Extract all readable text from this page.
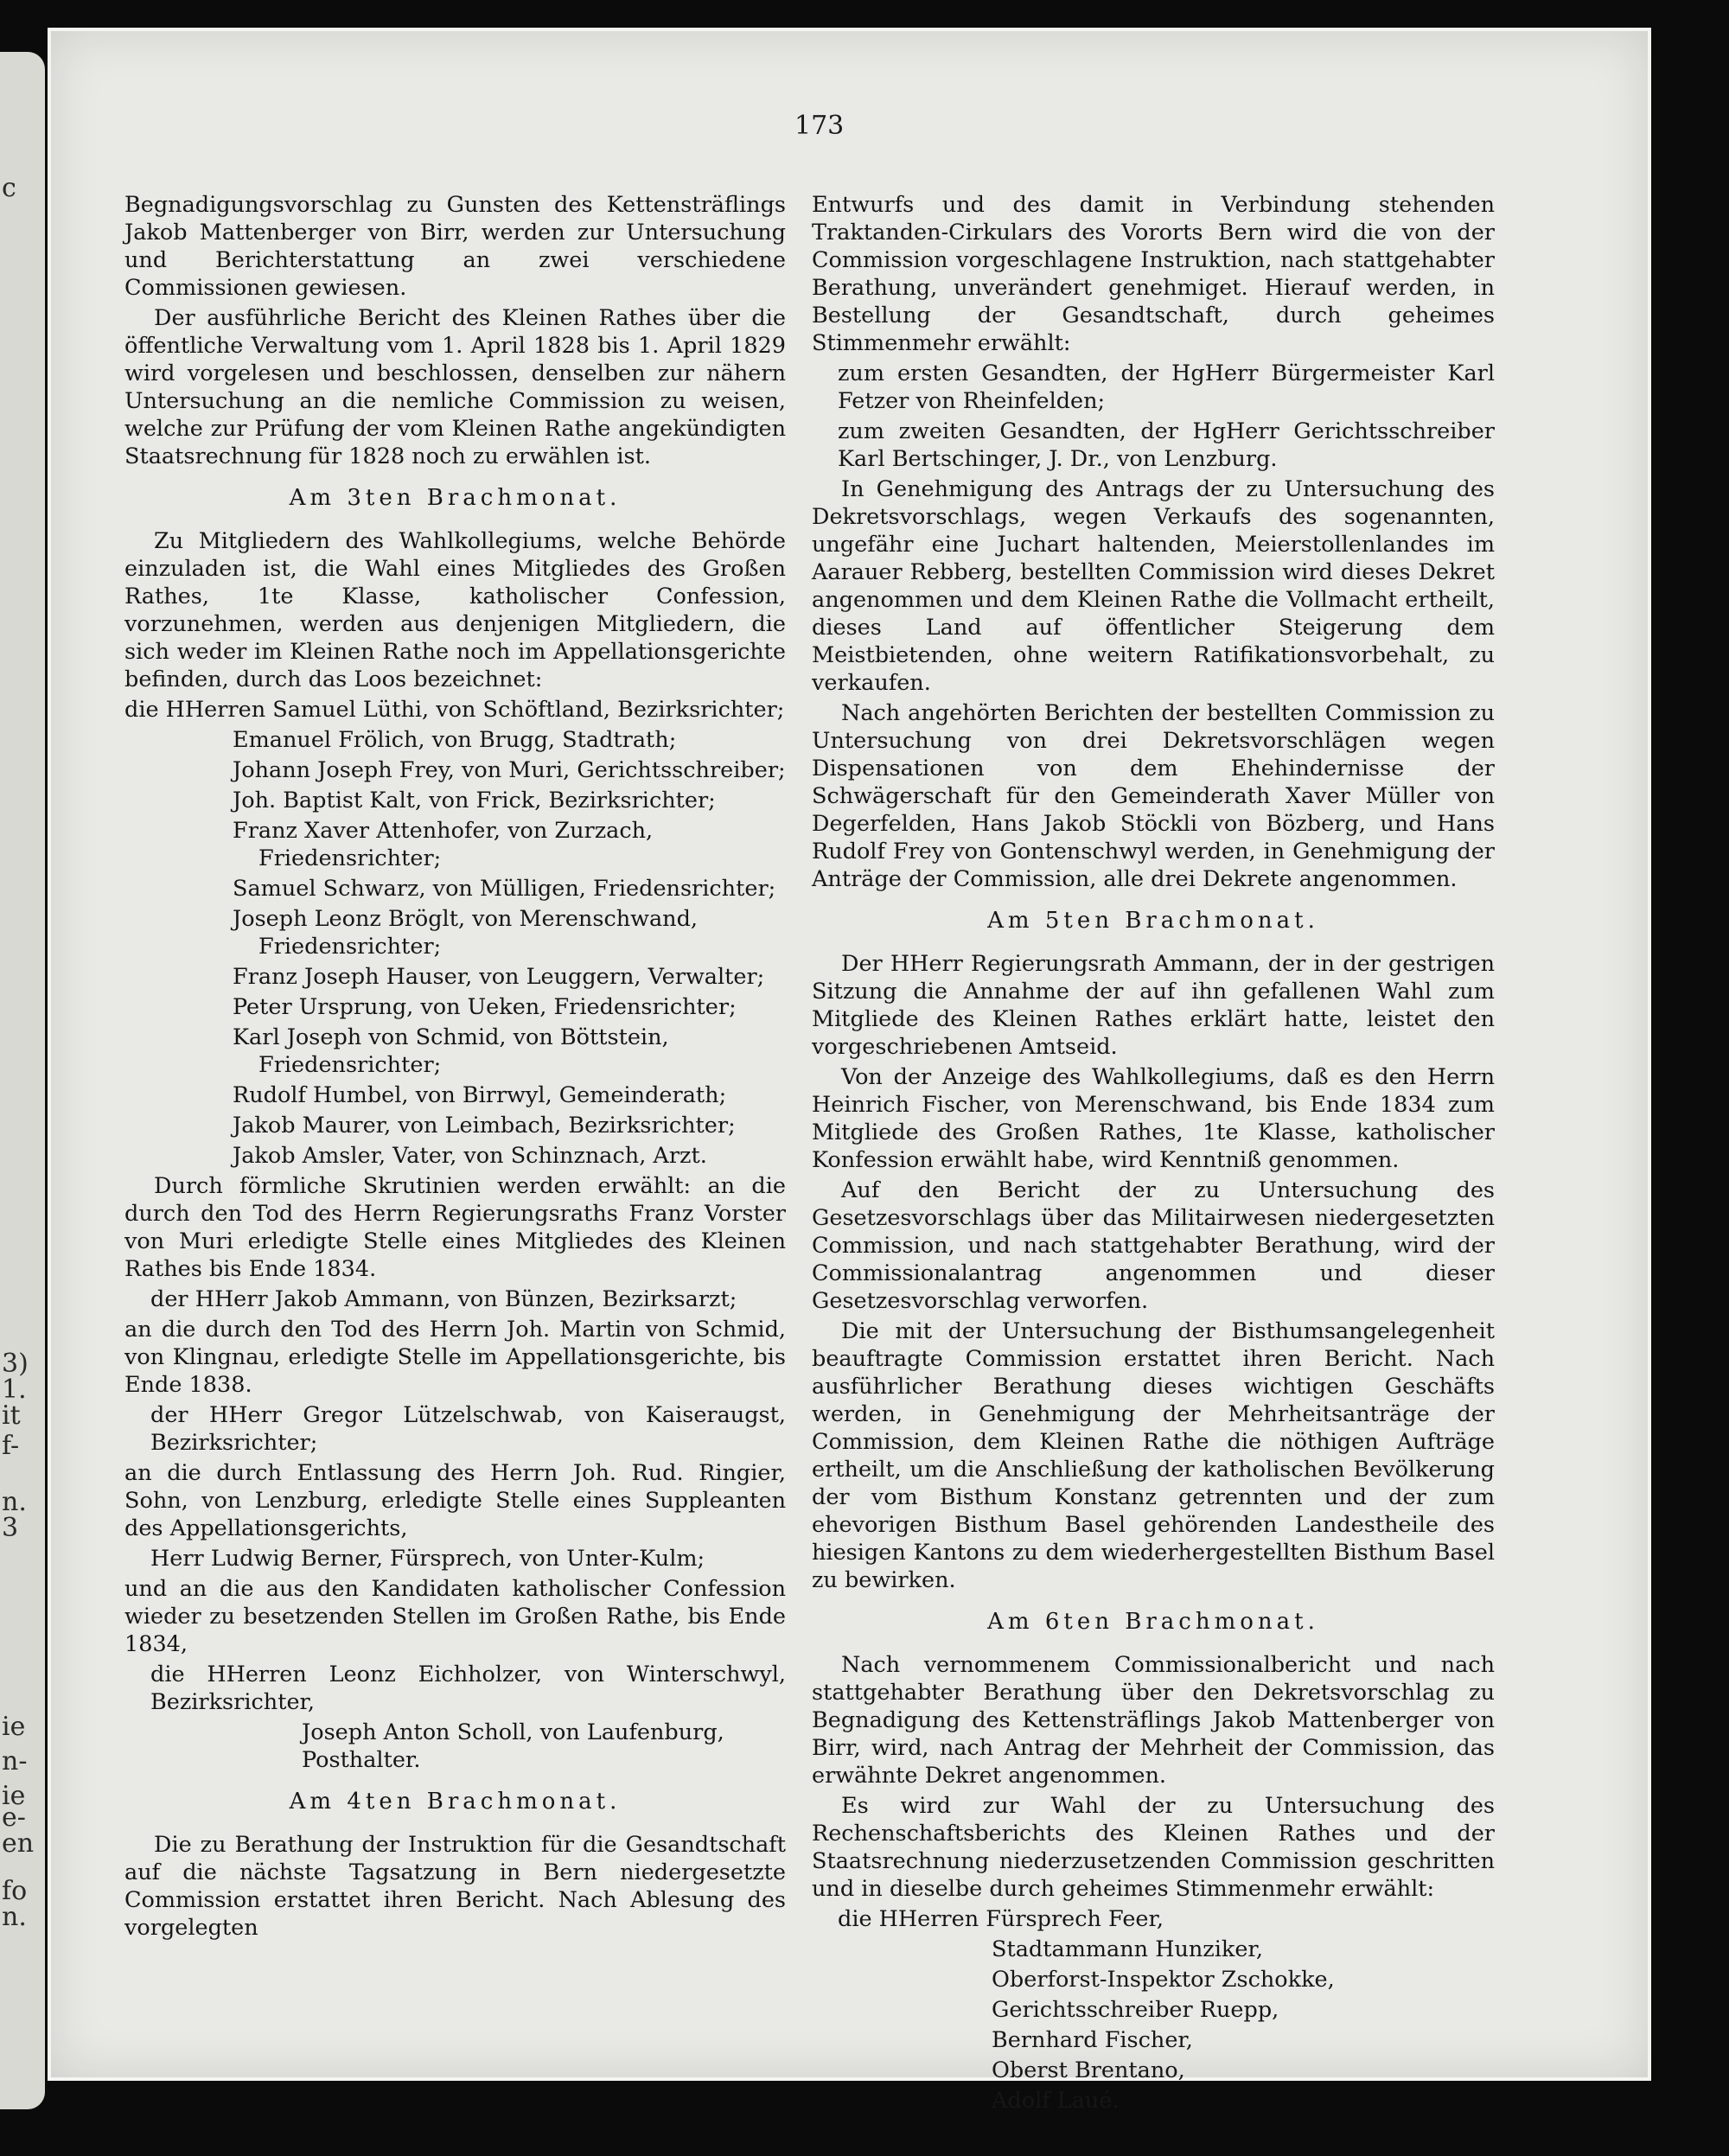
c
3)
1.
it
f-
n.
3
ie
n-
ie
e-
en
fo
n.
173

Begnadigungsvorschlag zu Gunsten des Kettensträflings Jakob Mattenberger von Birr, werden zur Untersuchung und Berichterstattung an zwei verschiedene Commissionen gewiesen.

Der ausführliche Bericht des Kleinen Rathes über die öffentliche Verwaltung vom 1. April 1828 bis 1. April 1829 wird vorgelesen und beschlossen, denselben zur nähern Untersuchung an die nemliche Commission zu weisen, welche zur Prüfung der vom Kleinen Rathe angekündigten Staatsrechnung für 1828 noch zu erwählen ist.

Am 3ten Brachmonat.

Zu Mitgliedern des Wahlkollegiums, welche Behörde einzuladen ist, die Wahl eines Mitgliedes des Großen Rathes, 1te Klasse, katholischer Confession, vorzunehmen, werden aus denjenigen Mitgliedern, die sich weder im Kleinen Rathe noch im Appellationsgerichte befinden, durch das Loos bezeichnet:

die HHerren Samuel Lüthi, von Schöftland, Bezirksrichter;

Emanuel Frölich, von Brugg, Stadtrath;

Johann Joseph Frey, von Muri, Gerichtsschreiber;

Joh. Baptist Kalt, von Frick, Bezirksrichter;

Franz Xaver Attenhofer, von Zurzach, Friedensrichter;

Samuel Schwarz, von Mülligen, Friedensrichter;

Joseph Leonz Bröglt, von Merenschwand, Friedensrichter;

Franz Joseph Hauser, von Leuggern, Verwalter;

Peter Ursprung, von Ueken, Friedensrichter;

Karl Joseph von Schmid, von Böttstein, Friedensrichter;

Rudolf Humbel, von Birrwyl, Gemeinderath;

Jakob Maurer, von Leimbach, Bezirksrichter;

Jakob Amsler, Vater, von Schinznach, Arzt.

Durch förmliche Skrutinien werden erwählt: an die durch den Tod des Herrn Regierungsraths Franz Vorster von Muri erledigte Stelle eines Mitgliedes des Kleinen Rathes bis Ende 1834.

der HHerr Jakob Ammann, von Bünzen, Bezirksarzt;

an die durch den Tod des Herrn Joh. Martin von Schmid, von Klingnau, erledigte Stelle im Appellationsgerichte, bis Ende 1838.

der HHerr Gregor Lützelschwab, von Kaiseraugst, Bezirksrichter;

an die durch Entlassung des Herrn Joh. Rud. Ringier, Sohn, von Lenzburg, erledigte Stelle eines Suppleanten des Appellationsgerichts,

Herr Ludwig Berner, Fürsprech, von Unter-Kulm;

und an die aus den Kandidaten katholischer Confession wieder zu besetzenden Stellen im Großen Rathe, bis Ende 1834,

die HHerren Leonz Eichholzer, von Winterschwyl, Bezirksrichter,

Joseph Anton Scholl, von Laufenburg, Posthalter.

Am 4ten Brachmonat.

Die zu Berathung der Instruktion für die Gesandtschaft auf die nächste Tagsatzung in Bern niedergesetzte Commission erstattet ihren Bericht. Nach Ablesung des vorgelegten

Entwurfs und des damit in Verbindung stehenden Traktanden-Cirkulars des Vororts Bern wird die von der Commission vorgeschlagene Instruktion, nach stattgehabter Berathung, unverändert genehmiget. Hierauf werden, in Bestellung der Gesandtschaft, durch geheimes Stimmenmehr erwählt:

zum ersten Gesandten, der HgHerr Bürgermeister Karl Fetzer von Rheinfelden;

zum zweiten Gesandten, der HgHerr Gerichtsschreiber Karl Bertschinger, J. Dr., von Lenzburg.

In Genehmigung des Antrags der zu Untersuchung des Dekretsvorschlags, wegen Verkaufs des sogenannten, ungefähr eine Juchart haltenden, Meierstollenlandes im Aarauer Rebberg, bestellten Commission wird dieses Dekret angenommen und dem Kleinen Rathe die Vollmacht ertheilt, dieses Land auf öffentlicher Steigerung dem Meistbietenden, ohne weitern Ratifikationsvorbehalt, zu verkaufen.

Nach angehörten Berichten der bestellten Commission zu Untersuchung von drei Dekretsvorschlägen wegen Dispensationen von dem Ehehindernisse der Schwägerschaft für den Gemeinderath Xaver Müller von Degerfelden, Hans Jakob Stöckli von Bözberg, und Hans Rudolf Frey von Gontenschwyl werden, in Genehmigung der Anträge der Commission, alle drei Dekrete angenommen.

Am 5ten Brachmonat.

Der HHerr Regierungsrath Ammann, der in der gestrigen Sitzung die Annahme der auf ihn gefallenen Wahl zum Mitgliede des Kleinen Rathes erklärt hatte, leistet den vorgeschriebenen Amtseid.

Von der Anzeige des Wahlkollegiums, daß es den Herrn Heinrich Fischer, von Merenschwand, bis Ende 1834 zum Mitgliede des Großen Rathes, 1te Klasse, katholischer Konfession erwählt habe, wird Kenntniß genommen.

Auf den Bericht der zu Untersuchung des Gesetzesvorschlags über das Militairwesen niedergesetzten Commission, und nach stattgehabter Berathung, wird der Commissionalantrag angenommen und dieser Gesetzesvorschlag verworfen.

Die mit der Untersuchung der Bisthumsangelegenheit beauftragte Commission erstattet ihren Bericht. Nach ausführlicher Berathung dieses wichtigen Geschäfts werden, in Genehmigung der Mehrheitsanträge der Commission, dem Kleinen Rathe die nöthigen Aufträge ertheilt, um die Anschließung der katholischen Bevölkerung der vom Bisthum Konstanz getrennten und der zum ehevorigen Bisthum Basel gehörenden Landestheile des hiesigen Kantons zu dem wiederhergestellten Bisthum Basel zu bewirken.

Am 6ten Brachmonat.

Nach vernommenem Commissionalbericht und nach stattgehabter Berathung über den Dekretsvorschlag zu Begnadigung des Kettensträflings Jakob Mattenberger von Birr, wird, nach Antrag der Mehrheit der Commission, das erwähnte Dekret angenommen.

Es wird zur Wahl der zu Untersuchung des Rechenschaftsberichts des Kleinen Rathes und der Staatsrechnung niederzusetzenden Commission geschritten und in dieselbe durch geheimes Stimmenmehr erwählt:

die HHerren Fürsprech Feer,

Stadtammann Hunziker,

Oberforst-Inspektor Zschokke,

Gerichtsschreiber Ruepp,

Bernhard Fischer,

Oberst Brentano,

Adolf Laué.
